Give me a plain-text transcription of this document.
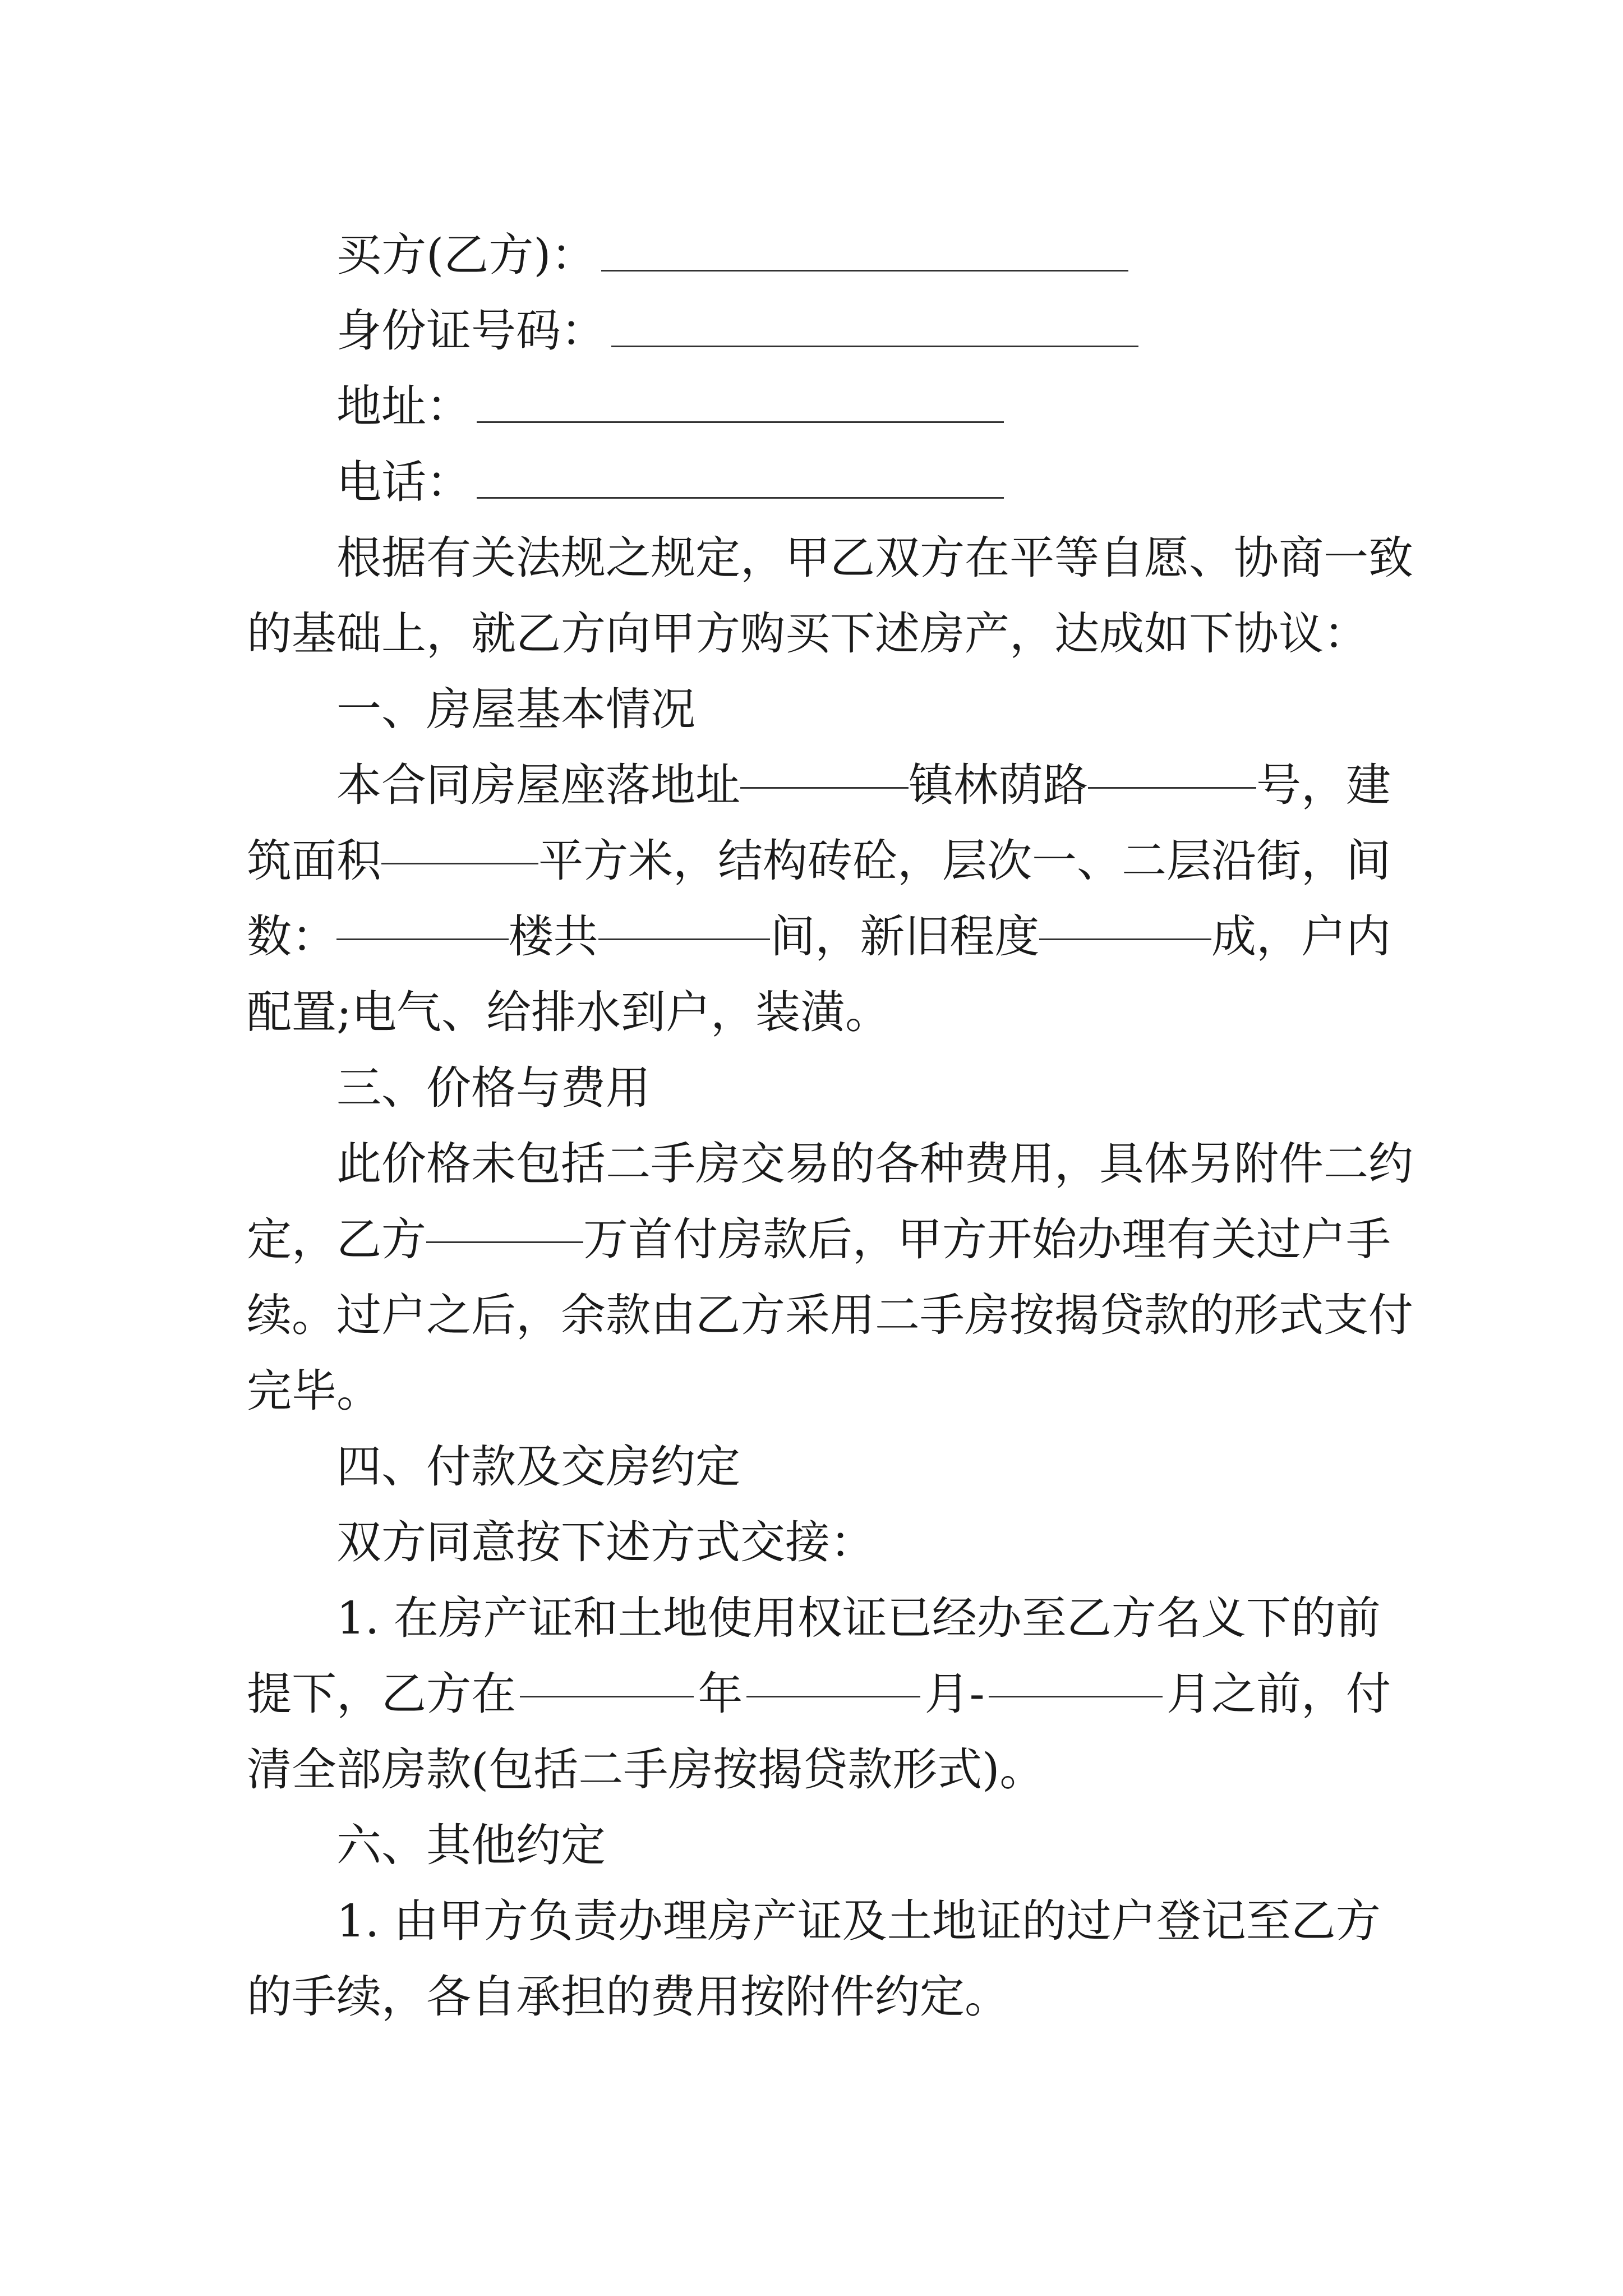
买方(乙方)：
身份证号码：
地址：
电话：
根据有关法规之规定，甲乙双方在平等自愿、协商一致
的基础上，就乙方向甲方购买下述房产，达成如下协议：
一、房屋基本情况
本合同房屋座落地址	镇林荫路	号，建
筑面积	平方米，结构砖砼，层次一、二层沿街，间
数：	楼共	间，新旧程度	成，户内
配置;电气、给排水到户，装潢。
三、价格与费用
此价格未包括二手房交易的各种费用，具体另附件二约
定，乙方	万首付房款后，甲方开始办理有关过户手
续。过户之后，余款由乙方采用二手房按揭贷款的形式支付
完毕。
四、付款及交房约定
双方同意按下述方式交接：
1. 在房产证和土地使用权证已经办至乙方名义下的前
提下，乙方在	年	月-	月之前，付
清全部房款(包括二手房按揭贷款形式)。
六、其他约定
1. 由甲方负责办理房产证及土地证的过户登记至乙方
的手续，各自承担的费用按附件约定。
